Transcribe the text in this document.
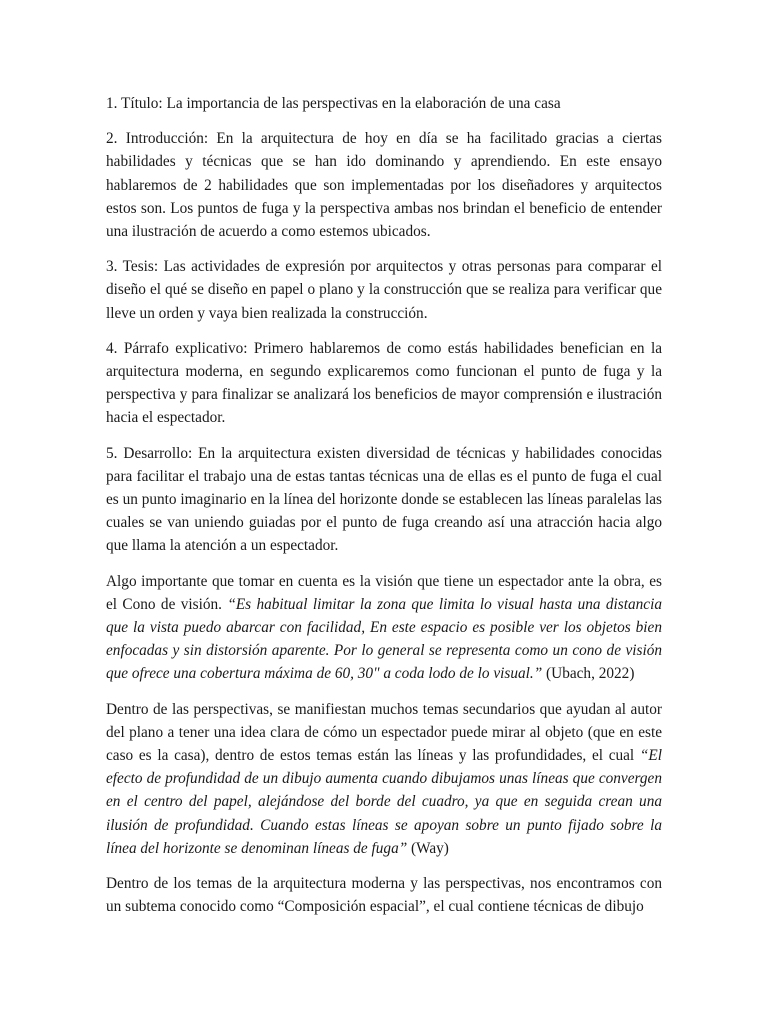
1. Título: La importancia de las perspectivas en la elaboración de una casa

2. Introducción: En la arquitectura de hoy en día se ha facilitado gracias a ciertas habilidades y técnicas que se han ido dominando y aprendiendo. En este ensayo hablaremos de 2 habilidades que son implementadas por los diseñadores y arquitectos estos son. Los puntos de fuga y la perspectiva ambas nos brindan el beneficio de entender una ilustración de acuerdo a como estemos ubicados.

3. Tesis: Las actividades de expresión por arquitectos y otras personas para comparar el diseño el qué se diseño en papel o plano y la construcción que se realiza para verificar que lleve un orden y vaya bien realizada la construcción.

4. Párrafo explicativo: Primero hablaremos de como estás habilidades benefician en la arquitectura moderna, en segundo explicaremos como funcionan el punto de fuga y la perspectiva y para finalizar se analizará los beneficios de mayor comprensión e ilustración hacia el espectador.

5. Desarrollo: En la arquitectura existen diversidad de técnicas y habilidades conocidas para facilitar el trabajo una de estas tantas técnicas una de ellas es el punto de fuga el cual es un punto imaginario en la línea del horizonte donde se establecen las líneas paralelas las cuales se van uniendo guiadas por el punto de fuga creando así una atracción hacia algo que llama la atención a un espectador.

Algo importante que tomar en cuenta es la visión que tiene un espectador ante la obra, es el Cono de visión. “Es habitual limitar la zona que limita lo visual hasta una distancia que la vista puedo abarcar con facilidad, En este espacio es posible ver los objetos bien enfocadas y sin distorsión aparente. Por lo general se representa como un cono de visión que ofrece una cobertura máxima de 60, 30" a coda lodo de lo visual.” (Ubach, 2022)

Dentro de las perspectivas, se manifiestan muchos temas secundarios que ayudan al autor del plano a tener una idea clara de cómo un espectador puede mirar al objeto (que en este caso es la casa), dentro de estos temas están las líneas y las profundidades, el cual “El efecto de profundidad de un dibujo aumenta cuando dibujamos unas líneas que convergen en el centro del papel, alejándose del borde del cuadro, ya que en seguida crean una ilusión de profundidad. Cuando estas líneas se apoyan sobre un punto fijado sobre la línea del horizonte se denominan líneas de fuga” (Way)

Dentro de los temas de la arquitectura moderna y las perspectivas, nos encontramos con un subtema conocido como “Composición espacial”, el cual contiene técnicas de dibujo
